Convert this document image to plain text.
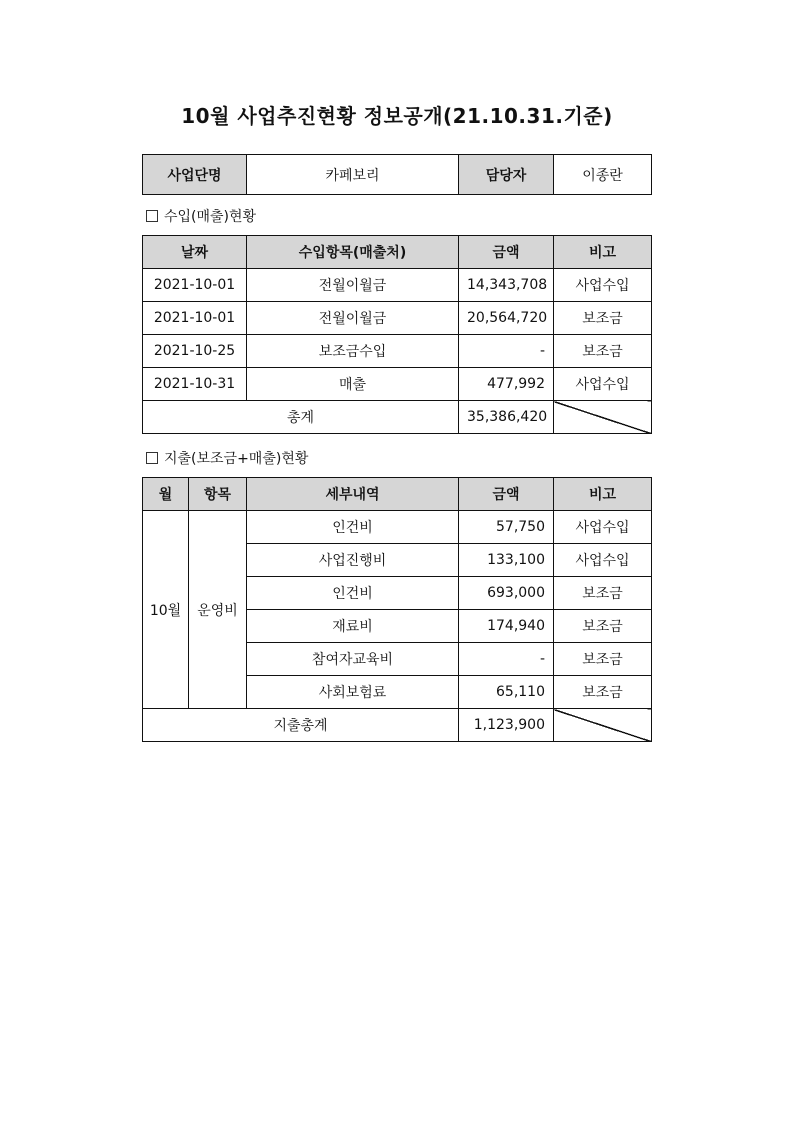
10월 사업추진현황 정보공개(21.10.31.기준)
사업단명	카페보리	담당자	이종란
수입(매출)현황
날짜	수입항목(매출처)	금액	비고
2021-10-01	전월이월금	14,343,708	사업수입
2021-10-01	전월이월금	20,564,720	보조금
2021-10-25	보조금수입	-	보조금
2021-10-31	매출	477,992	사업수입
총계		35,386,420	
지출(보조금+매출)현황
월	항목	세부내역	금액	비고
10월	운영비	인건비	57,750	사업수입
		사업진행비	133,100	사업수입
		인건비	693,000	보조금
		재료비	174,940	보조금
		참여자교육비	-	보조금
		사회보험료	65,110	보조금
지출총계			1,123,900	
